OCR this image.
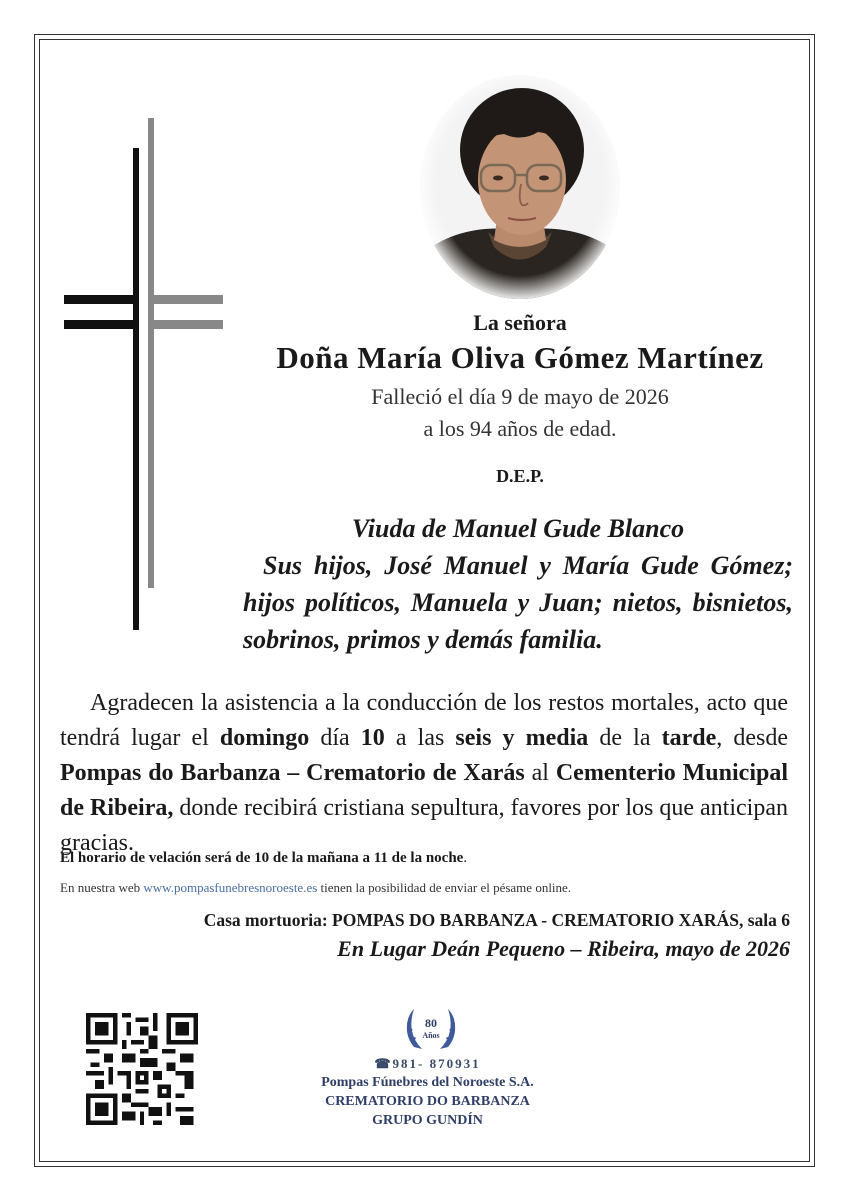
La señora
Doña María Oliva Gómez Martínez
Falleció el día 9 de mayo de 2026
a los 94 años de edad.
D.E.P.
Viuda de Manuel Gude Blanco
Sus hijos, José Manuel y María Gude Gómez; hijos políticos, Manuela y Juan; nietos, bisnietos, sobrinos, primos y demás familia.
Agradecen la asistencia a la conducción de los restos mortales, acto que tendrá lugar el domingo día 10 a las seis y media de la tarde, desde Pompas do Barbanza – Crematorio de Xarás al Cementerio Municipal de Ribeira, donde recibirá cristiana sepultura, favores por los que anticipan gracias.
El horario de velación será de 10 de la mañana a 11 de la noche.
En nuestra web www.pompasfunebresnoroeste.es tienen la posibilidad de enviar el pésame online.
Casa mortuoria: POMPAS DO BARBANZA - CREMATORIO XARÁS, sala 6
En Lugar Deán Pequeno – Ribeira, mayo de 2026
80
Años
☎981- 870931
Pompas Fúnebres del Noroeste S.A.
CREMATORIO DO BARBANZA
GRUPO GUNDÍN
